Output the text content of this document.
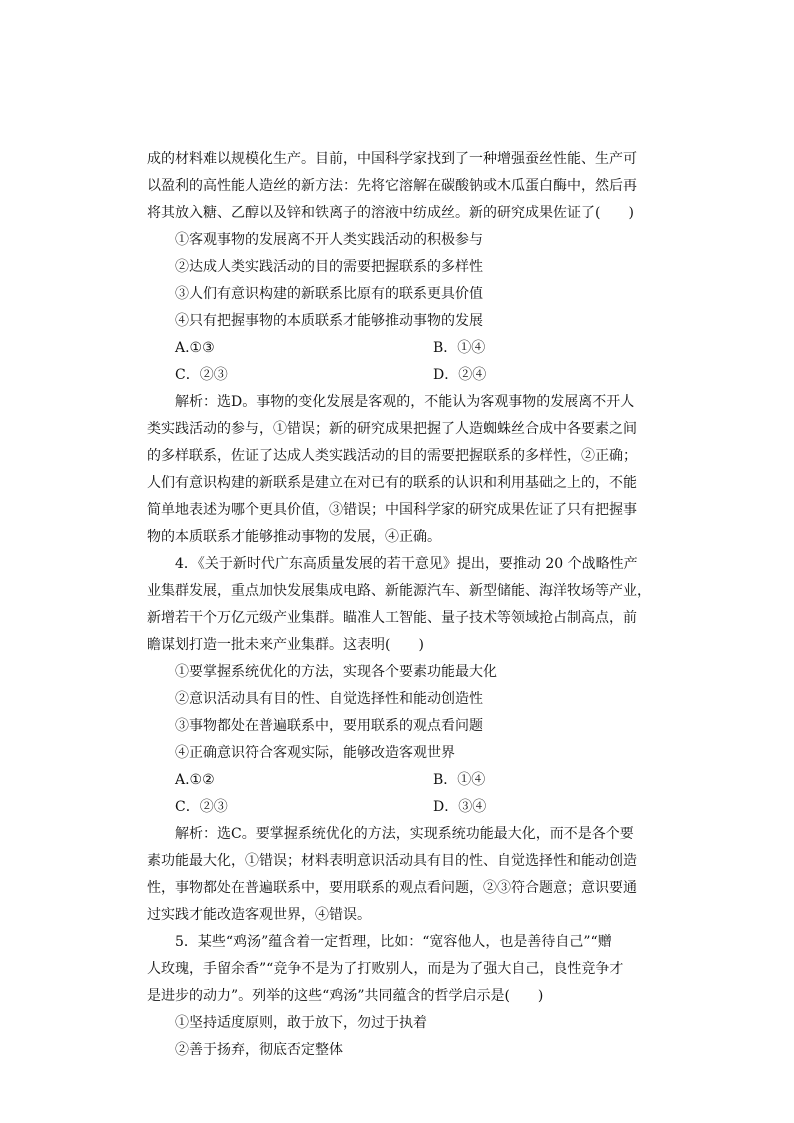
成的材料难以规模化生产。目前，中国科学家找到了一种增强蚕丝性能、生产可
以盈利的高性能人造丝的新方法：先将它溶解在碳酸钠或木瓜蛋白酶中，然后再
将其放入糖、乙醇以及锌和铁离子的溶液中纺成丝。新的研究成果佐证了(　　)
①客观事物的发展离不开人类实践活动的积极参与
②达成人类实践活动的目的需要把握联系的多样性
③人们有意识构建的新联系比原有的联系更具价值
④只有把握事物的本质联系才能够推动事物的发展
A.①③	B．①④
C．②③	D．②④
解析：选D。事物的变化发展是客观的，不能认为客观事物的发展离不开人
类实践活动的参与，①错误；新的研究成果把握了人造蜘蛛丝合成中各要素之间
的多样联系，佐证了达成人类实践活动的目的需要把握联系的多样性，②正确；
人们有意识构建的新联系是建立在对已有的联系的认识和利用基础之上的，不能
简单地表述为哪个更具价值，③错误；中国科学家的研究成果佐证了只有把握事
物的本质联系才能够推动事物的发展，④正确。
4．《关于新时代广东高质量发展的若干意见》提出，要推动 20 个战略性产
业集群发展，重点加快发展集成电路、新能源汽车、新型储能、海洋牧场等产业，
新增若干个万亿元级产业集群。瞄准人工智能、量子技术等领域抢占制高点，前
瞻谋划打造一批未来产业集群。这表明(　　)
①要掌握系统优化的方法，实现各个要素功能最大化
②意识活动具有目的性、自觉选择性和能动创造性
③事物都处在普遍联系中，要用联系的观点看问题
④正确意识符合客观实际，能够改造客观世界
A.①②	B．①④
C．②③	D．③④
解析：选C。要掌握系统优化的方法，实现系统功能最大化，而不是各个要
素功能最大化，①错误；材料表明意识活动具有目的性、自觉选择性和能动创造
性，事物都处在普遍联系中，要用联系的观点看问题，②③符合题意；意识要通
过实践才能改造客观世界，④错误。
5．某些“鸡汤”蕴含着一定哲理，比如：“宽容他人，也是善待自己”“赠
人玫瑰，手留余香”“竞争不是为了打败别人，而是为了强大自己，良性竞争才
是进步的动力”。列举的这些“鸡汤”共同蕴含的哲学启示是(　　)
①坚持适度原则，敢于放下，勿过于执着
②善于扬弃，彻底否定整体
